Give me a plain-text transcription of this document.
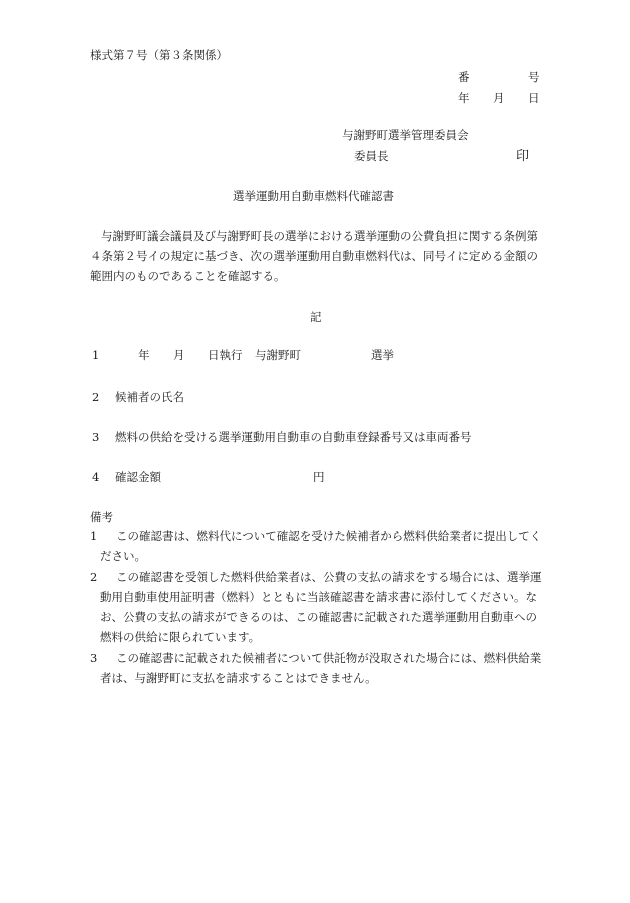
様式第７号（第３条関係）
番	号
年 月 日
与謝野町選挙管理委員会
委員長	印
選挙運動用自動車燃料代確認書
与謝野町議会議員及び与謝野町長の選挙における選挙運動の公費負担に関する条例第４条第２号イの規定に基づき、次の選挙運動用自動車燃料代は、同号イに定める金額の範囲内のものであることを確認する。
記
1	年 月 日執行 与謝野町	選挙
2 候補者の氏名
3 燃料の供給を受ける選挙運動用自動車の自動車登録番号又は車両番号
4 確認金額	円
備考
1	この確認書は、燃料代について確認を受けた候補者から燃料供給業者に提出してください。
2	この確認書を受領した燃料供給業者は、公費の支払の請求をする場合には、選挙運動用自動車使用証明書（燃料）とともに当該確認書を請求書に添付してください。なお、公費の支払の請求ができるのは、この確認書に記載された選挙運動用自動車への燃料の供給に限られています。
3	この確認書に記載された候補者について供託物が没取された場合には、燃料供給業者は、与謝野町に支払を請求することはできません。
